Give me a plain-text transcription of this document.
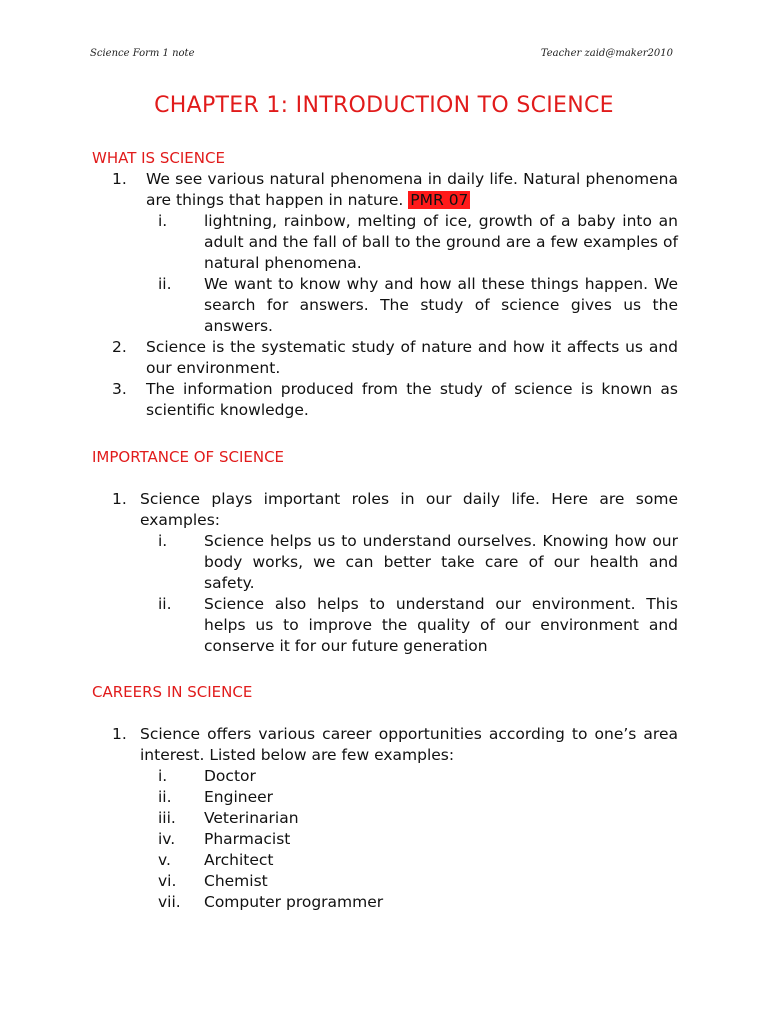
Science Form 1 note	Teacher zaid@maker2010
CHAPTER 1: INTRODUCTION TO SCIENCE

WHAT IS SCIENCE

1. We see various natural phenomena in daily life. Natural phenomena are things that happen in nature. PMR 07
i. lightning, rainbow, melting of ice, growth of a baby into an adult and the fall of ball to the ground are a few examples of natural phenomena.
ii. We want to know why and how all these things happen. We search for answers. The study of science gives us the answers.
2. Science is the systematic study of nature and how it affects us and our environment.
3. The information produced from the study of science is known as scientific knowledge.

IMPORTANCE OF SCIENCE

1. Science plays important roles in our daily life. Here are some examples:
i. Science helps us to understand ourselves. Knowing how our body works, we can better take care of our health and safety.
ii. Science also helps to understand our environment. This helps us to improve the quality of our environment and conserve it for our future generation

CAREERS IN SCIENCE

1. Science offers various career opportunities according to one’s area interest. Listed below are few examples:
i. Doctor
ii. Engineer
iii. Veterinarian
iv. Pharmacist
v. Architect
vi. Chemist
vii. Computer programmer
